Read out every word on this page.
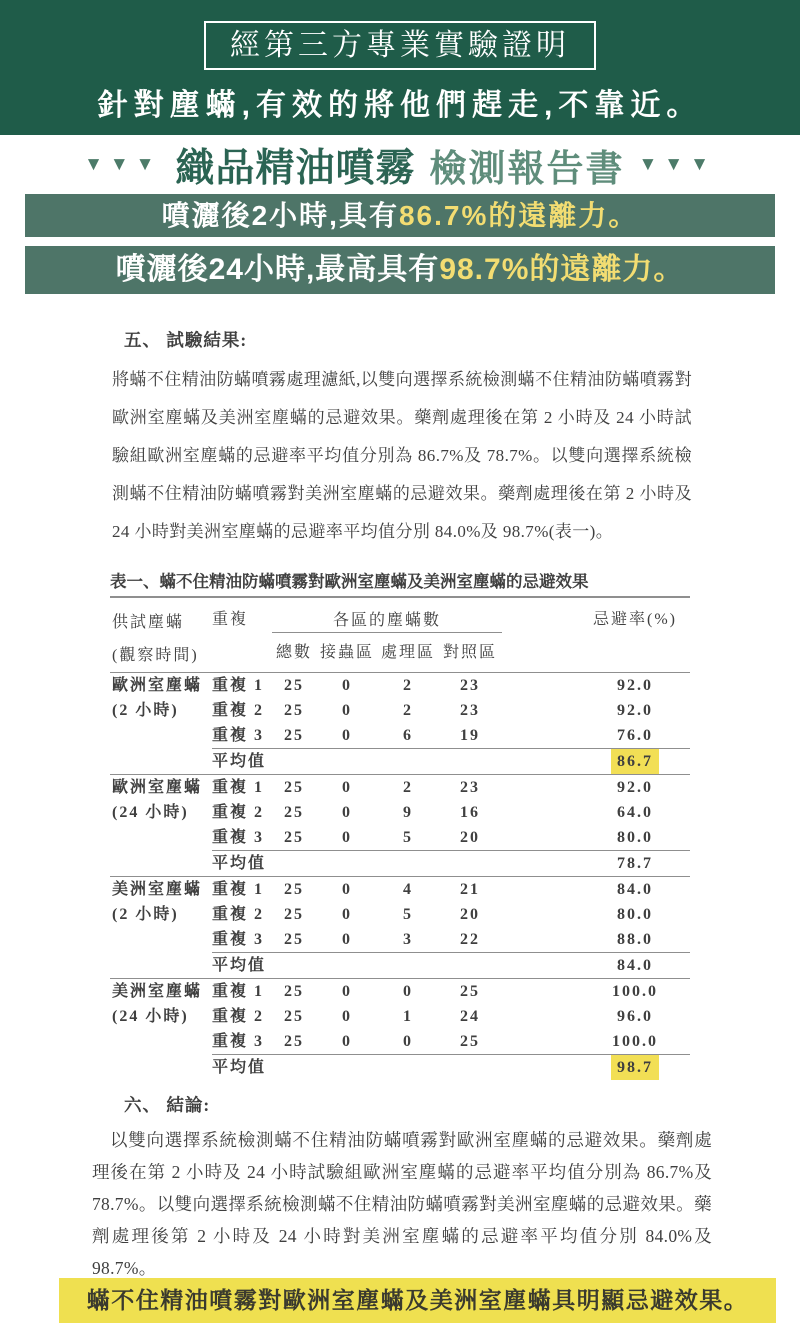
經第三方專業實驗證明
針對塵蟎,有效的將他們趕走,不靠近。
▼▼▼ 織品精油噴霧 檢測報告書 ▼▼▼
噴灑後2小時,具有86.7%的遠離力。
噴灑後24小時,最高具有98.7%的遠離力。
五、 試驗結果:

將蟎不住精油防蟎噴霧處理濾紙,以雙向選擇系統檢測蟎不住精油防蟎噴霧對歐洲室塵蟎及美洲室塵蟎的忌避效果。藥劑處理後在第 2 小時及 24 小時試驗組歐洲室塵蟎的忌避率平均值分別為 86.7%及 78.7%。以雙向選擇系統檢測蟎不住精油防蟎噴霧對美洲室塵蟎的忌避效果。藥劑處理後在第 2 小時及 24 小時對美洲室塵蟎的忌避率平均值分別 84.0%及 98.7%(表一)。

表一、蟎不住精油防蟎噴霧對歐洲室塵蟎及美洲室塵蟎的忌避效果
供試塵蟎
(觀察時間)	重複	各區的塵蟎數					忌避率(%)
		總數	接蟲區	處理區	對照區		

歐洲室塵蟎
(2 小時)	重複 1	25	0	2	23		92.0
	重複 2	25	0	2	23		92.0
	重複 3	25	0	6	19		76.0
	平均值						86.7

歐洲室塵蟎
(24 小時)	重複 1	25	0	2	23		92.0
	重複 2	25	0	9	16		64.0
	重複 3	25	0	5	20		80.0
	平均值						78.7

美洲室塵蟎
(2 小時)	重複 1	25	0	4	21		84.0
	重複 2	25	0	5	20		80.0
	重複 3	25	0	3	22		88.0
	平均值						84.0

美洲室塵蟎
(24 小時)	重複 1	25	0	0	25		100.0
	重複 2	25	0	1	24		96.0
	重複 3	25	0	0	25		100.0
	平均值						98.7
六、 結論:

以雙向選擇系統檢測蟎不住精油防蟎噴霧對歐洲室塵蟎的忌避效果。藥劑處理後在第 2 小時及 24 小時試驗組歐洲室塵蟎的忌避率平均值分別為 86.7%及 78.7%。以雙向選擇系統檢測蟎不住精油防蟎噴霧對美洲室塵蟎的忌避效果。藥劑處理後第 2 小時及 24 小時對美洲室塵蟎的忌避率平均值分別 84.0%及 98.7%。

蟎不住精油噴霧對歐洲室塵蟎及美洲室塵蟎具明顯忌避效果。
